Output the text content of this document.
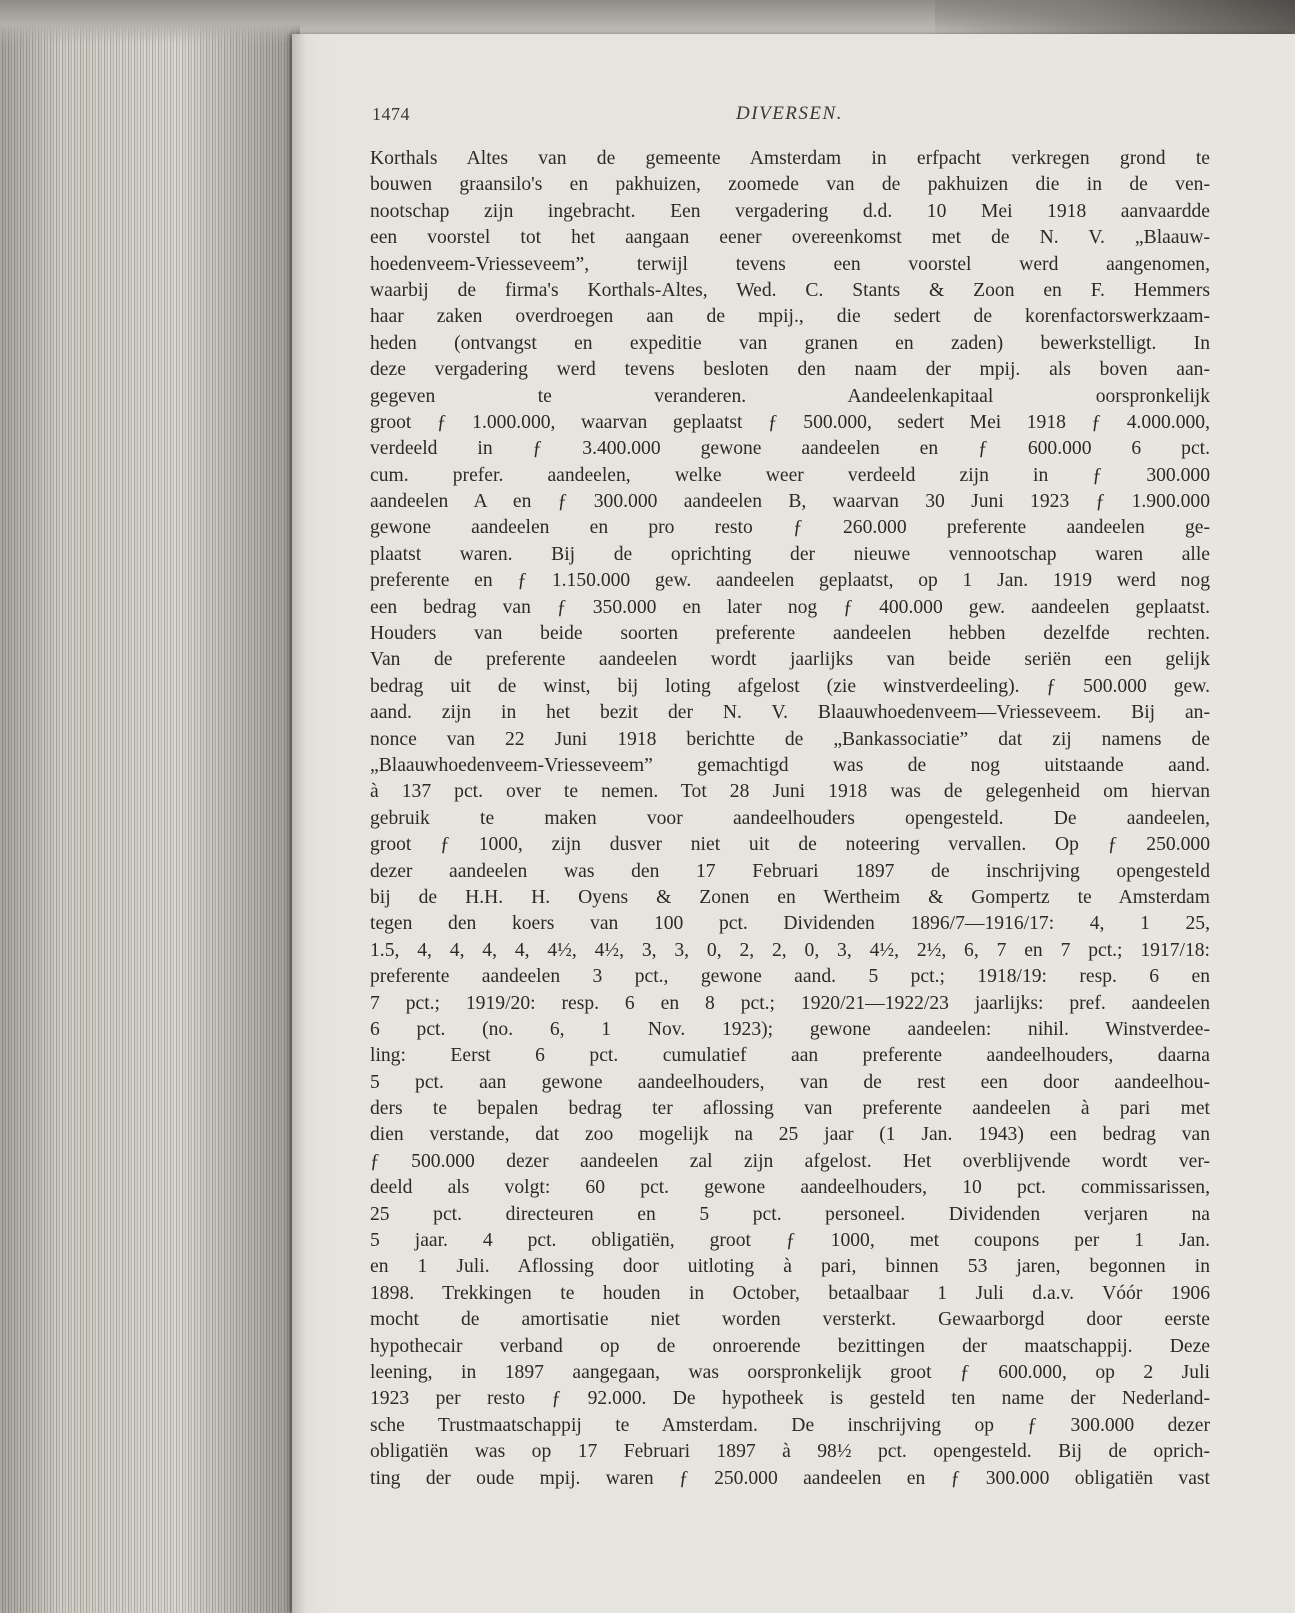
1474	DIVERSEN.
Korthals Altes van de gemeente Amsterdam in erfpacht verkregen grond te
bouwen graansilo's en pakhuizen, zoomede van de pakhuizen die in de ven-
nootschap zijn ingebracht. Een vergadering d.d. 10 Mei 1918 aanvaardde
een voorstel tot het aangaan eener overeenkomst met de N. V. „Blaauw-
hoedenveem-Vriesseveem”, terwijl tevens een voorstel werd aangenomen,
waarbij de firma's Korthals-Altes, Wed. C. Stants & Zoon en F. Hemmers
haar zaken overdroegen aan de mpij., die sedert de korenfactorswerkzaam-
heden (ontvangst en expeditie van granen en zaden) bewerkstelligt. In
deze vergadering werd tevens besloten den naam der mpij. als boven aan-
gegeven te veranderen. Aandeelenkapitaal oorspronkelijk
groot ƒ 1.000.000, waarvan geplaatst ƒ 500.000, sedert Mei 1918 ƒ 4.000.000,
verdeeld in ƒ 3.400.000 gewone aandeelen en ƒ 600.000 6 pct.
cum. prefer. aandeelen, welke weer verdeeld zijn in ƒ 300.000
aandeelen A en ƒ 300.000 aandeelen B, waarvan 30 Juni 1923 ƒ 1.900.000
gewone aandeelen en pro resto ƒ 260.000 preferente aandeelen ge-
plaatst waren. Bij de oprichting der nieuwe vennootschap waren alle
preferente en ƒ 1.150.000 gew. aandeelen geplaatst, op 1 Jan. 1919 werd nog
een bedrag van ƒ 350.000 en later nog ƒ 400.000 gew. aandeelen geplaatst.
Houders van beide soorten preferente aandeelen hebben dezelfde rechten.
Van de preferente aandeelen wordt jaarlijks van beide seriën een gelijk
bedrag uit de winst, bij loting afgelost (zie winstverdeeling). ƒ 500.000 gew.
aand. zijn in het bezit der N. V. Blaauwhoedenveem—Vriesseveem. Bij an-
nonce van 22 Juni 1918 berichtte de „Bankassociatie” dat zij namens de
„Blaauwhoedenveem-Vriesseveem” gemachtigd was de nog uitstaande aand.
à 137 pct. over te nemen. Tot 28 Juni 1918 was de gelegenheid om hiervan
gebruik te maken voor aandeelhouders opengesteld. De aandeelen,
groot ƒ 1000, zijn dusver niet uit de noteering vervallen. Op ƒ 250.000
dezer aandeelen was den 17 Februari 1897 de inschrijving opengesteld
bij de H.H. H. Oyens & Zonen en Wertheim & Gompertz te Amsterdam
tegen den koers van 100 pct. Dividenden 1896/7—1916/17: 4, 1 25,
1.5, 4, 4, 4, 4, 4½, 4½, 3, 3, 0, 2, 2, 0, 3, 4½, 2½, 6, 7 en 7 pct.; 1917/18:
preferente aandeelen 3 pct., gewone aand. 5 pct.; 1918/19: resp. 6 en
7 pct.; 1919/20: resp. 6 en 8 pct.; 1920/21—1922/23 jaarlijks: pref. aandeelen
6 pct. (no. 6, 1 Nov. 1923); gewone aandeelen: nihil. Winstverdee-
ling: Eerst 6 pct. cumulatief aan preferente aandeelhouders, daarna
5 pct. aan gewone aandeelhouders, van de rest een door aandeelhou-
ders te bepalen bedrag ter aflossing van preferente aandeelen à pari met
dien verstande, dat zoo mogelijk na 25 jaar (1 Jan. 1943) een bedrag van
ƒ 500.000 dezer aandeelen zal zijn afgelost. Het overblijvende wordt ver-
deeld als volgt: 60 pct. gewone aandeelhouders, 10 pct. commissarissen,
25 pct. directeuren en 5 pct. personeel. Dividenden verjaren na
5 jaar. 4 pct. obligatiën, groot ƒ 1000, met coupons per 1 Jan.
en 1 Juli. Aflossing door uitloting à pari, binnen 53 jaren, begonnen in
1898. Trekkingen te houden in October, betaalbaar 1 Juli d.a.v. Vóór 1906
mocht de amortisatie niet worden versterkt. Gewaarborgd door eerste
hypothecair verband op de onroerende bezittingen der maatschappij. Deze
leening, in 1897 aangegaan, was oorspronkelijk groot ƒ 600.000, op 2 Juli
1923 per resto ƒ 92.000. De hypotheek is gesteld ten name der Nederland-
sche Trustmaatschappij te Amsterdam. De inschrijving op ƒ 300.000 dezer
obligatiën was op 17 Februari 1897 à 98½ pct. opengesteld. Bij de oprich-
ting der oude mpij. waren ƒ 250.000 aandeelen en ƒ 300.000 obligatiën vast
